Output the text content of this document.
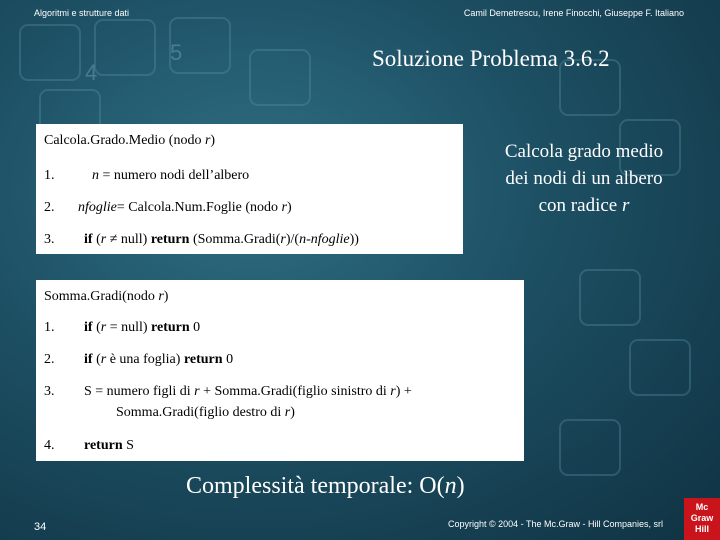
4
5
Algoritmi e strutture dati	Camil Demetrescu, Irene Finocchi, Giuseppe F. Italiano
Soluzione Problema 3.6.2
Calcola.Grado.Medio (nodo r)
1.	n = numero nodi dell’albero
2. nfoglie= Calcola.Num.Foglie (nodo r)
3. if (r ≠ null) return (Somma.Gradi(r)/(n-nfoglie))
Calcola grado medio
dei nodi di un albero
con radice r
Somma.Gradi(nodo r)
1. if (r = null) return 0
2. if (r è una foglia) return 0
3. S = numero figli di r + Somma.Gradi(figlio sinistro di r) +
Somma.Gradi(figlio destro di r)
4. return S
Complessità temporale: O(n)
34	Copyright © 2004 - The Mc.Graw - Hill Companies, srl
Mc
Graw
Hill
